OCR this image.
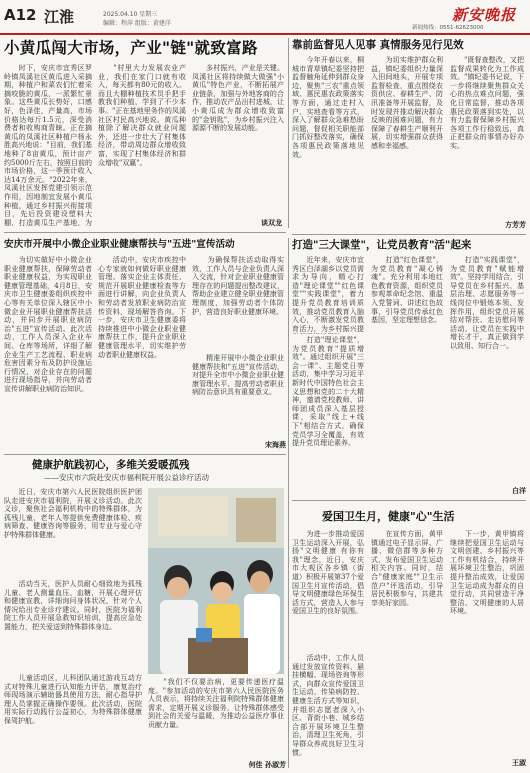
A12 江淮	2025.04.10 星期三
编辑：程萍 组版：黄建洋	新安晚报
新闻热线：0551-62623000
小黄瓜闯大市场，产业"链"就致富路
　　时下，安庆市宜秀区罗岭镇凤溪社区黄瓜进入采摘期，种植户和菜农们忙着采摘咬脆的黄瓜，一派繁忙景象。这些黄瓜长势好，口感好，色泽佳，产量高，市场价格达每斤1.5元，深受消费者和收购商青睐。正在摘黄瓜的凤溪社区种植户杨永胜高兴地说："目前，我们基地种了8亩黄瓜，预计亩产约5000斤左右，按照目前的市场价格，这一季预计收入达14万余元。"2022年来，凤溪社区发挥党建引领示范作用，因地制宜发展小黄瓜种植，通过乡村振兴衔接项目，先后投资建设塑料大棚，打造黄瓜生产基地，为
　　"村里大力发展农业产业，我们在家门口就有收入，每天都有80元的收入。而且大棚种植技术员手把手教我们种植，学到了不少本事。"正在基地里务作的凤溪社区村民高兴地说。黄瓜种植除了解决群众就业问题外，还进一步壮大了村集体经济，带动周边群众增收致富，实现了村集体经济和群众增收"双赢"。
　　多村振兴，产业是关键。凤溪社区将持续做大做强"小黄瓜"特色产业，不断拓展产业链条，加强与外地客商的合作，推动农产品出村进城，让小黄瓜成为群众增收致富的"金钥匙"，为乡村振兴注入源源不断的发展动能。
谈双龙
靠前监督见人见事 真情服务见行见效
　　今年开春以来，桐城市青草镇纪委坚持把监督触角延伸到群众身边，聚焦"三农"重点领域、惠民惠农政策落实等方面，通过走村入户、实地查看等方式，深入了解群众急难愁盼问题，督促相关职能部门抓好整改落实，确保各项惠民政策落地见效。
　　为切实维护群众利益，镇纪委组织力量深入田间地头，开展专项监督检查，重点围绕农资供应、春耕生产、防汛准备等开展监督，及时发现并推动解决群众反映的困难问题，有力保障了春耕生产顺利开展，切实增强群众获得感和幸福感。
　　"既督查整改，又把监督成果转化为工作成效。"镇纪委书记说，下一步将继续聚焦群众关心的热点难点问题，强化日常监督，推动各项惠民政策落到实处，以有力监督保障乡村振兴各项工作行稳致远，真正把群众的事情办好办实。
方芳芳
安庆市开展中小微企业职业健康帮扶与"五进"宣传活动
　　为切实做好中小微企业职业健康帮扶，保障劳动者职业健康权益，为实现职业健康管理基础，4月8日，安庆市卫生健康委组织疾控中心等有关单位深入辖区中小微企业开展职业健康帮扶活动，并同步开展职业病防治"五进"宣传活动。此次活动，工作人员深入企业车间、仓库等场所，详细了解企业生产工艺流程、职业病危害因素分布及防护设施运行情况，对企业存在的问题进行现场指导，并向劳动者宣传讲解职业病防治知识。
　　活动中，安庆市疾控中心专家就如何做好职业健康管理、落实企业主体责任、规范开展职业健康检查等方面进行讲解，向企业负责人和劳动者发放职业病防治宣传资料，现场解答咨询。下一步，安庆市卫生健康委将持续推进中小微企业职业健康帮扶工作，提升企业职业健康管理水平，切实维护劳动者职业健康权益。
　　为确保帮扶活动取得实效，工作人员与企业负责人深入交流，针对企业职业健康管理存在的问题提出整改建议，帮助企业建立健全职业健康管理制度，加强劳动者个体防护，营造良好职业健康环境。
　　精准开展中小微企业职业健康帮扶和"五进"宣传活动，对提升全市中小微企业职业健康管理水平、提高劳动者职业病防治意识具有重要意义。
宋海燕
健康护航践初心，多维关爱暖孤残
——安庆市六院赴安庆市福利院开展公益诊疗活动
　　近日，安庆市第六人民医院组织医护团队走进安庆市福利院，开展义诊活动。此次义诊，聚焦社会福利机构中的特殊群体，为孤残儿童、老年人等提供免费健康体检、疾病筛查、健康咨询等服务，用专业与爱心守护特殊群体健康。
　　活动当天，医护人员耐心细致地为孤残儿童、老人测量血压、血糖，开展心理评估和健康宣教，详细询问身体状况，针对个人情况给出专业诊疗建议。同时，医院为福利院工作人员开展急救知识培训，提高应急处置能力，把关爱送到特殊群体身边。
　　儿童活动区，儿科团队通过游戏互动方式对特殊儿童进行认知能力评估，康复治疗师现场演示辅助器具使用方法，耐心指导护理人员掌握正确操作要领。此次活动，医院用实际行动践行公益初心，为特殊群体健康保驾护航。
　　"我们不仅要治病，更要传递医疗温度。"参加活动的安庆市第六人民医院医务人员表示，将持续关注福利院特殊群体健康需求，定期开展义诊服务，让特殊群体感受到社会的关爱与温暖，为推动公益医疗事业贡献力量。
何佳 孙淑芳
打造"三大课堂"，让党员教育"活"起来
　　近年来，安庆市宜秀区白泽湖乡以党员需求为导向，精心打造"理论课堂""红色课堂""实践课堂"，着力提升党员教育培训质效，推动党员教育入脑入心，不断激发党员教育活力，为乡村振兴提
　　打造"理论课堂"，为党员教育"提质增效"。通过组织开展"三会一课"、主题党日等活动，集中学习习近平新时代中国特色社会主义思想和党的二十大精神，邀请党校教师、讲师团成员深入基层授课，采取"线上+线下"相结合方式，确保党员学习全覆盖，有效提升党员理论素养。
　　打造"红色课堂"，为党员教育"凝心铸魂"。充分利用本地红色教育资源，组织党员参观革命纪念馆、重温入党誓词、讲述红色故事，引导党员传承红色基因，坚定理想信念。
　　打造"实践课堂"，为党员教育"赋能增效"。坚持学用结合，引导党员在乡村振兴、基层治理、志愿服务等一线岗位中锻炼本领、发挥作用，组织党员开展结对帮扶、走访慰问等活动，让党员在实践中增长才干，真正做到学以致用、知行合一。
白洋
爱国卫生月，健康"心"生活
　　为进一步推动爱国卫生运动深入开展，弘扬"文明健康 有你有我"理念，近日，安庆市大观区各乡镇（街道）积极开展第37个爱国卫生月宣传活动，倡导文明健康绿色环保生活方式，营造人人参与爱国卫生的良好氛围。
　　活动中，工作人员通过发放宣传资料、悬挂横幅、现场咨询等形式，向群众宣传爱国卫生运动、传染病防控、健康生活方式等知识，并组织志愿者深入小区、背街小巷、城乡结合部开展环境卫生整治，清理卫生死角，引导群众养成良好卫生习惯。
　　在宣传方面，黄甲镇通过电子显示屏、广播、微信群等多种方式，发布爱国卫生运动相关内容。同时，结合"健康家庭""卫生示范户"评选活动，引导居民积极参与，共建共享美好家园。
　　下一步，黄甲镇将继续把爱国卫生运动与文明创建、乡村振兴等工作有机结合，持续开展环境卫生整治，巩固提升整治成效，让爱国卫生运动成为群众的自觉行动，共同营造干净整洁、文明健康的人居环境。
王淑
